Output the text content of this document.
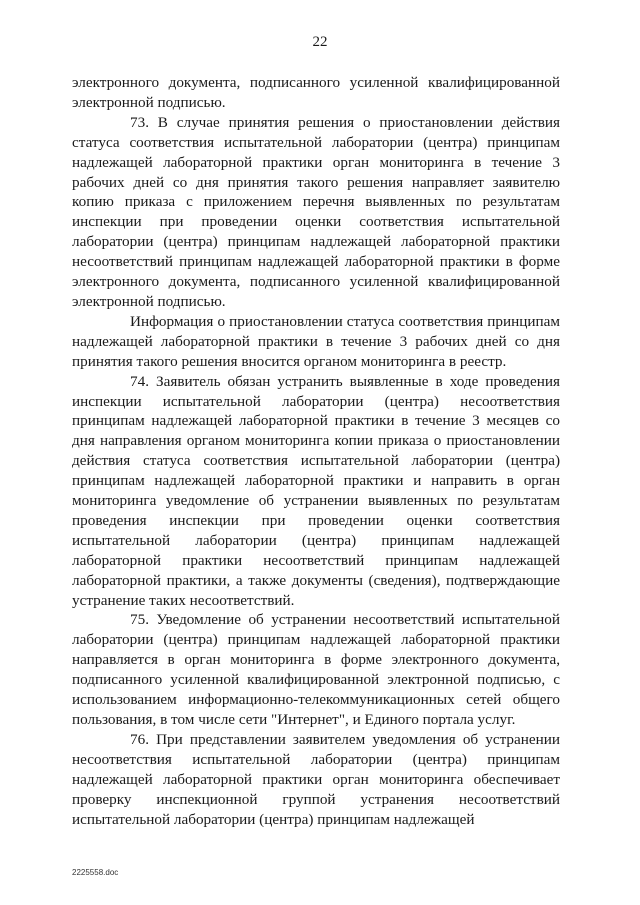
22

электронного документа, подписанного усиленной квалифицированной электронной подписью.

73. В случае принятия решения о приостановлении действия статуса соответствия испытательной лаборатории (центра) принципам надлежащей лабораторной практики орган мониторинга в течение 3 рабочих дней со дня принятия такого решения направляет заявителю копию приказа с приложением перечня выявленных по результатам инспекции при проведении оценки соответствия испытательной лаборатории (центра) принципам надлежащей лабораторной практики несоответствий принципам надлежащей лабораторной практики в форме электронного документа, подписанного усиленной квалифицированной электронной подписью.

Информация о приостановлении статуса соответствия принципам надлежащей лабораторной практики в течение 3 рабочих дней со дня принятия такого решения вносится органом мониторинга в реестр.

74. Заявитель обязан устранить выявленные в ходе проведения инспекции испытательной лаборатории (центра) несоответствия принципам надлежащей лабораторной практики в течение 3 месяцев со дня направления органом мониторинга копии приказа о приостановлении действия статуса соответствия испытательной лаборатории (центра) принципам надлежащей лабораторной практики и направить в орган мониторинга уведомление об устранении выявленных по результатам проведения инспекции при проведении оценки соответствия испытательной лаборатории (центра) принципам надлежащей лабораторной практики несоответствий принципам надлежащей лабораторной практики, а также документы (сведения), подтверждающие устранение таких несоответствий.

75. Уведомление об устранении несоответствий испытательной лаборатории (центра) принципам надлежащей лабораторной практики направляется в орган мониторинга в форме электронного документа, подписанного усиленной квалифицированной электронной подписью, с использованием информационно-телекоммуникационных сетей общего пользования, в том числе сети "Интернет", и Единого портала услуг.

76. При представлении заявителем уведомления об устранении несоответствия испытательной лаборатории (центра) принципам надлежащей лабораторной практики орган мониторинга обеспечивает проверку инспекционной группой устранения несоответствий испытательной лаборатории (центра) принципам надлежащей

2225558.doc
